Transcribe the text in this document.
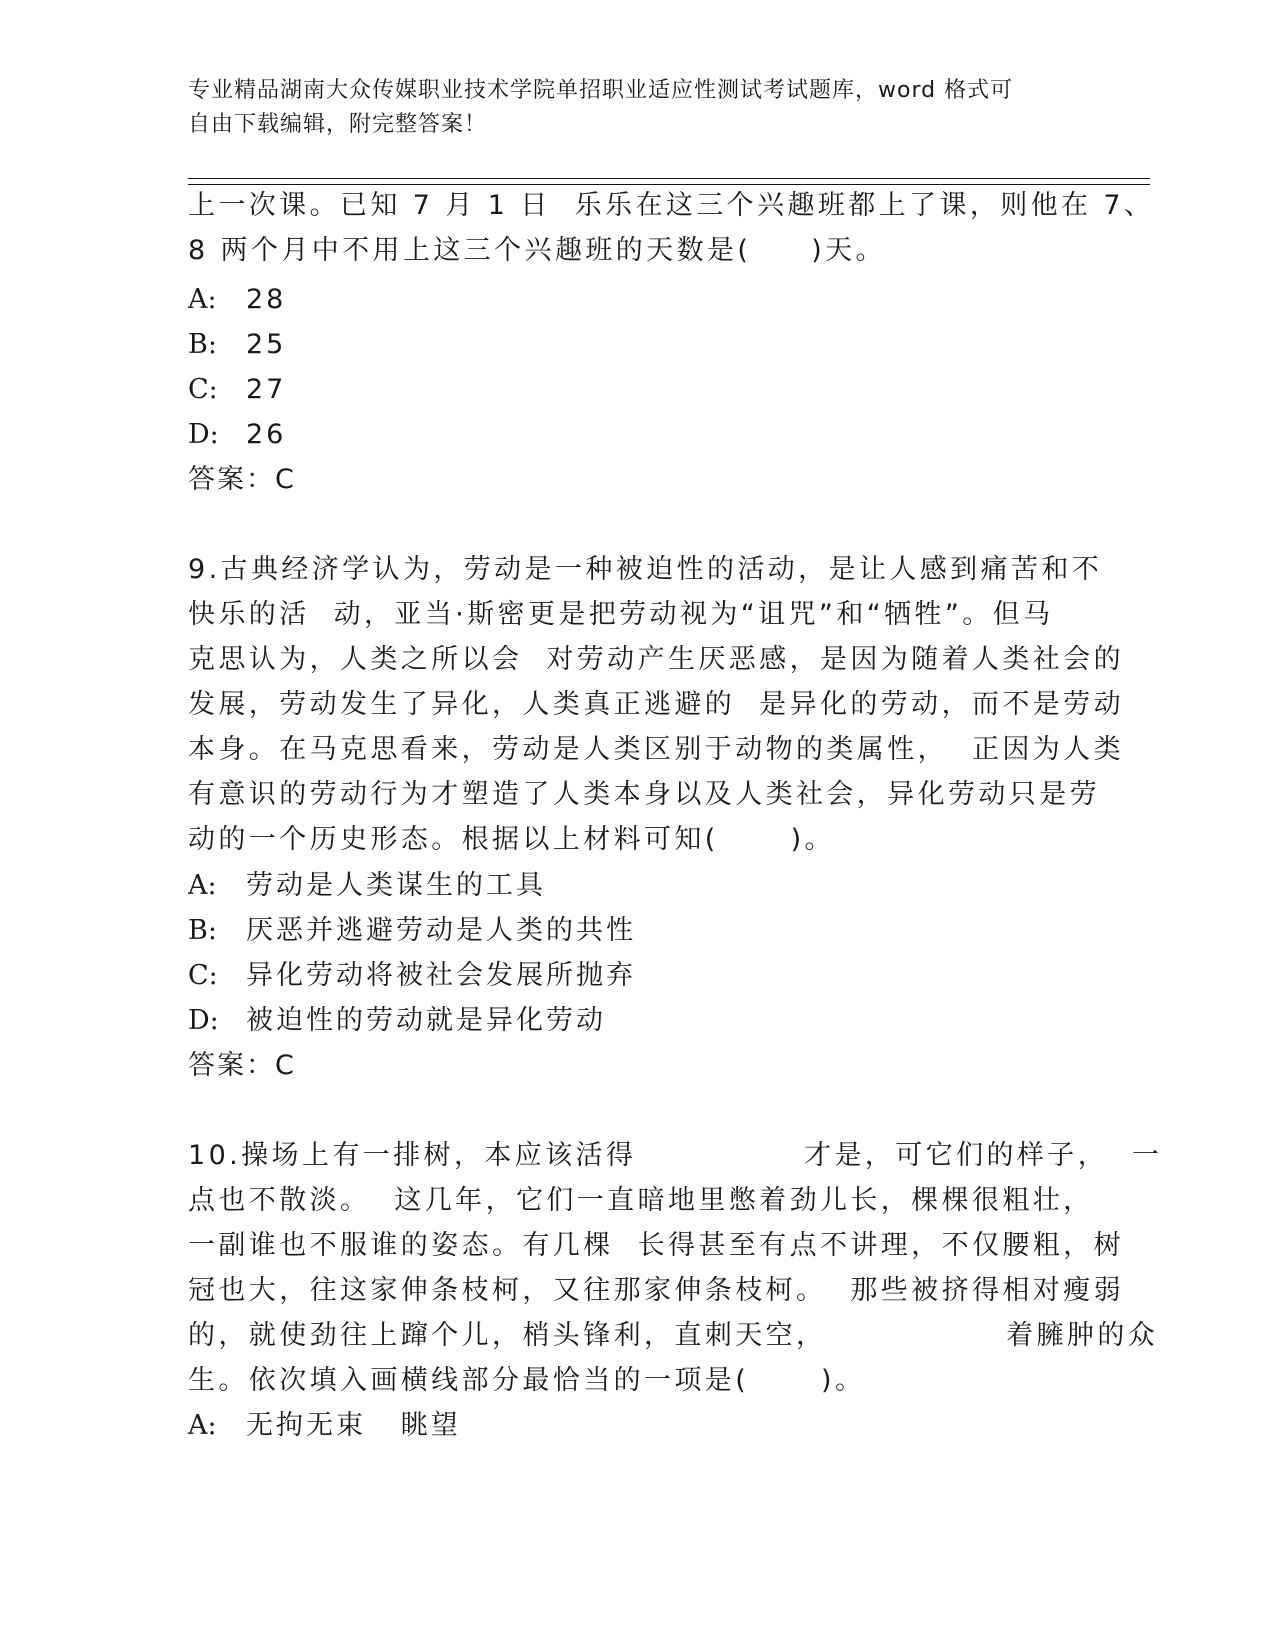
专业精品湖南大众传媒职业技术学院单招职业适应性测试考试题库，word 格式可
自由下载编辑，附完整答案！
上一次课。已知 7 月 1 日  乐乐在这三个兴趣班都上了课，则他在 7、
8 两个月中不用上这三个兴趣班的天数是(     )天。
A: 28
B: 25
C: 27
D: 26
答案：C
9.古典经济学认为，劳动是一种被迫性的活动，是让人感到痛苦和不
快乐的活  动，亚当·斯密更是把劳动视为“诅咒”和“牺牲”。但马
克思认为，人类之所以会  对劳动产生厌恶感，是因为随着人类社会的
发展，劳动发生了异化，人类真正逃避的  是异化的劳动，而不是劳动
本身。在马克思看来，劳动是人类区别于动物的类属性，  正因为人类
有意识的劳动行为才塑造了人类本身以及人类社会，异化劳动只是劳
动的一个历史形态。根据以上材料可知(      )。
A: 劳动是人类谋生的工具
B: 厌恶并逃避劳动是人类的共性
C: 异化劳动将被社会发展所抛弃
D: 被迫性的劳动就是异化劳动
答案：C
10.操场上有一排树，本应该活得              才是，可它们的样子，  一
点也不散淡。  这几年，它们一直暗地里憋着劲儿长，棵棵很粗壮，
一副谁也不服谁的姿态。有几棵  长得甚至有点不讲理，不仅腰粗，树
冠也大，往这家伸条枝柯，又往那家伸条枝柯。  那些被挤得相对瘦弱
的，就使劲往上蹿个儿，梢头锋利，直刺天空，               着臃肿的众
生。依次填入画横线部分最恰当的一项是(      )。
A: 无拘无束   眺望
